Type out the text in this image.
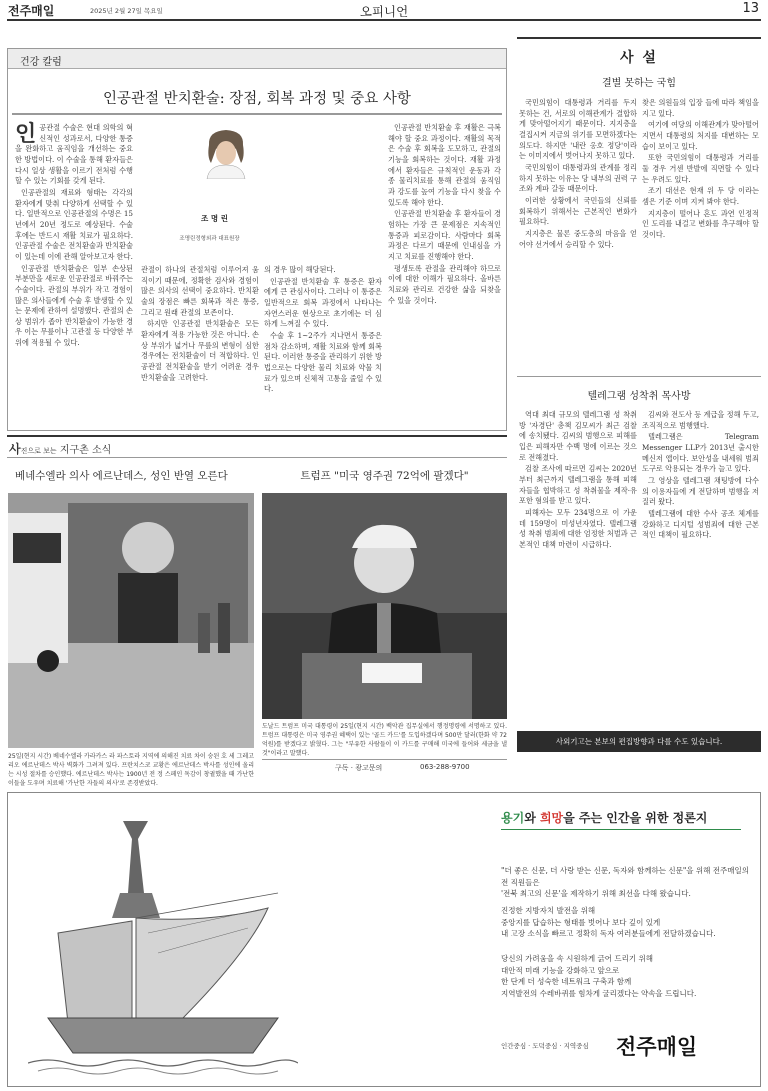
전주매일	2025년 2월 27일 목요일	오피니언	13
건강 칼럼
인공관절 반치환술: 장점, 회복 과정 및 중요 사항
인 공관절 수술은 현대 의학의 혁신적인 성과로서, 다양한 통증을 완화하고 움직임을 개선하는 중요한 방법이다. 이 수술을 통해 환자들은 다시 일상 생활을 이르기 전처럼 수행할 수 있는 기회를 갖게 된다.

인공관절의 재료와 형태는 각각의 환자에게 맞춰 다양하게 선택할 수 있다. 일반적으로 인공관절의 수명은 15년에서 20년 정도로 예상된다. 수술 후에는 반드시 재활 치료가 필요하다. 인공관절 수술은 전치환술과 반치환술이 있는데 이에 관해 알아보고자 한다.

인공관절 반치환술은 일부 손상된 부분만을 새로운 인공관절로 바꿔주는 수술이다. 관절의 부위가 작고 경험이 많은 의사들에게 수술 후 발생할 수 있는 문제에 관하여 설명했다. 관절의 손상 범위가 좁아 반치환술이 가능한 경우 이는 무릎이나 고관절 등 다양한 부위에 적용될 수 있다.

조 명 린
조명린정형외과 대표원장

관절이 하나의 관절처럼 이루어져 움직이기 때문에, 정확한 검사와 경험이 많은 의사의 선택이 중요하다. 반치환술의 장점은 빠른 회복과 적은 통증, 그리고 원래 관절의 보존이다.

하지만 인공관절 반치환술은 모든 환자에게 적용 가능한 것은 아니다. 손상 부위가 넓거나 무릎의 변형이 심한 경우에는 전치환술이 더 적합하다. 인공관절 전치환술을 받기 어려운 경우 반치환술을 고려한다.

의 경우 많이 해당된다.

인공관절 반치환술 후 통증은 환자에게 큰 관심사이다. 그러나 이 통증은 일반적으로 회복 과정에서 나타나는 자연스러운 현상으로 초기에는 더 심하게 느껴질 수 있다.

수술 후 1~2주가 지나면서 통증은 점차 감소하며, 재활 치료와 함께 회복된다. 이러한 통증을 관리하기 위한 방법으로는 다양한 물리 치료와 약물 치료가 있으며 신체적 고통을 줄일 수 있다.

인공관절 반치환술 후 재활은 극복해야 할 중요 과정이다. 재활의 목적은 수술 후 회복을 도모하고, 관절의 기능을 회복하는 것이다. 재활 과정에서 환자들은 규칙적인 운동과 각종 물리치료를 통해 관절의 움직임과 강도를 높여 기능을 다시 찾을 수 있도록 해야 한다.

인공관절 반치환술 후 환자들이 경험하는 가장 큰 문제점은 지속적인 통증과 피로감이다. 사람마다 회복 과정은 다르기 때문에 인내심을 가지고 치료를 진행해야 한다.

평생토록 관절을 관리해야 하므로 이에 대한 이해가 필요하다. 올바른 치료와 관리로 건강한 삶을 되찾을 수 있을 것이다.

사 설
결별 못하는 국힘

국민의힘이 대통령과 거리를 두지 못하는 건, 서로의 이해관계가 결합하게 맞아떨어지기 때문이다. 지지층을 결집시켜 지금의 위기를 모면하겠다는 의도다. 하지만 '내란 옹호 정당'이라는 이미지에서 벗어나지 못하고 있다.

국민의힘이 대통령과의 관계를 정리하지 못하는 이유는 당 내부의 권력 구조와 계파 갈등 때문이다.

이러한 상황에서 국민들의 신뢰를 회복하기 위해서는 근본적인 변화가 필요하다.

지지층은 물론 중도층의 마음을 얻어야 선거에서 승리할 수 있다.

찾은 의원들의 입장 들에 따라 책임을 지고 있다.

여기에 여당의 이해관계가 맞아떨어지면서 대통령의 처지를 대변하는 모습이 보이고 있다.

또한 국민의힘이 대통령과 거리를 둘 경우 거센 반발에 직면할 수 있다는 우려도 있다.

조기 대선은 현재 위 두 당 이라는 셈은 기준 이며 지켜 봐야 한다.

지지층이 떨어나 혼도 과연 인정적인 도리를 내걸고 변화를 추구해야 할 것이다.

텔레그램 성착취 목사방

역대 최대 규모의 텔레그램 성 착취방 '자경단' 총책 김모씨가 최근 검찰에 송치됐다. 김씨의 범행으로 피해를 입은 피해자만 수백 명에 이르는 것으로 전해졌다.

검찰 조사에 따르면 김씨는 2020년부터 최근까지 텔레그램을 통해 피해자들을 협박하고 성 착취물을 제작·유포한 혐의를 받고 있다.

피해자는 모두 234명으로 이 가운데 159명이 미성년자였다. 텔레그램 성 착취 범죄에 대한 엄정한 처벌과 근본적인 대책 마련이 시급하다.

김씨와 전도사 등 계급을 정해 두고, 조직적으로 범행했다.

텔레그램은 Telegram Messenger LLP가 2013년 출시한 메신저 앱이다. 보안성을 내세워 범죄 도구로 악용되는 경우가 늘고 있다.

그 영상을 텔레그램 채팅방에 다수의 이용자들에 게 전달하며 범행을 저질러 왔다.

텔레그램에 대한 수사 공조 체계를 강화하고 디지털 성범죄에 대한 근본적인 대책이 필요하다.

사외기고는 본보의 편집방향과 다를 수도 있습니다.
사진으로 보는 지구촌 소식
베네수엘라 의사 에르난데스, 성인 반열 오른다
25일(현지 시간) 베네수엘라 카라카스 라 파스토라 지역에 의해진 치료 차이 숭된 호 세 그레고리오 에르난데스 박사 벽화가 그려져 있다. 프란치스코 교황은 에르난데스 박사를 성인에 올리는 시성 절차를 승인했다. 에르난데스 박사는 1900년 전 정 스페인 독감이 창궐했을 때 가난한 이들을 도우며 치료해 '가난한 자들의 의사'로 존경받았다.
트럼프 "미국 영주권 72억에 팔겠다"
도날드 트럼프 미국 대통령이 25일(현지 시간) 백악관 집무실에서 행정명령에 서명하고 있다. 트럼프 대통령은 미국 영주권 혜택이 있는 '골드 카드'를 도입하겠다며 500만 달러(한화 약 72억원)를 받겠다고 밝혔다. 그는 "부유한 사람들이 이 카드를 구매해 미국에 들어와 세금을 낼 것"이라고 말했다.
구독 · 광고문의	063-288-9700
용기와 희망을 주는 인간을 위한 정론지
"더 좋은 신문, 더 사랑 받는 신문, 독자와 함께하는 신문"을 위해 전주매일의 전 직원들은
'전북 최고의 신문'을 제작하기 위해 최선을 다해 왔습니다.
진정한 지방자치 발전을 위해
중앙지를 답습하는 형태를 벗어나 보다 깊이 있게
내 고장 소식을 빠르고 정확히 독자 여러분들에게 전달하겠습니다.
당신의 가려움을 속 시원하게 긁어 드리기 위해
대안적 미래 기능을 강화하고 앞으로
한 단계 더 성숙한 네트워크 구축과 함께
지역발전의 수레바퀴를 힘차게 굴리겠다는 약속을 드립니다.
인간중심 · 도덕중심 · 지역중심 전주매일
